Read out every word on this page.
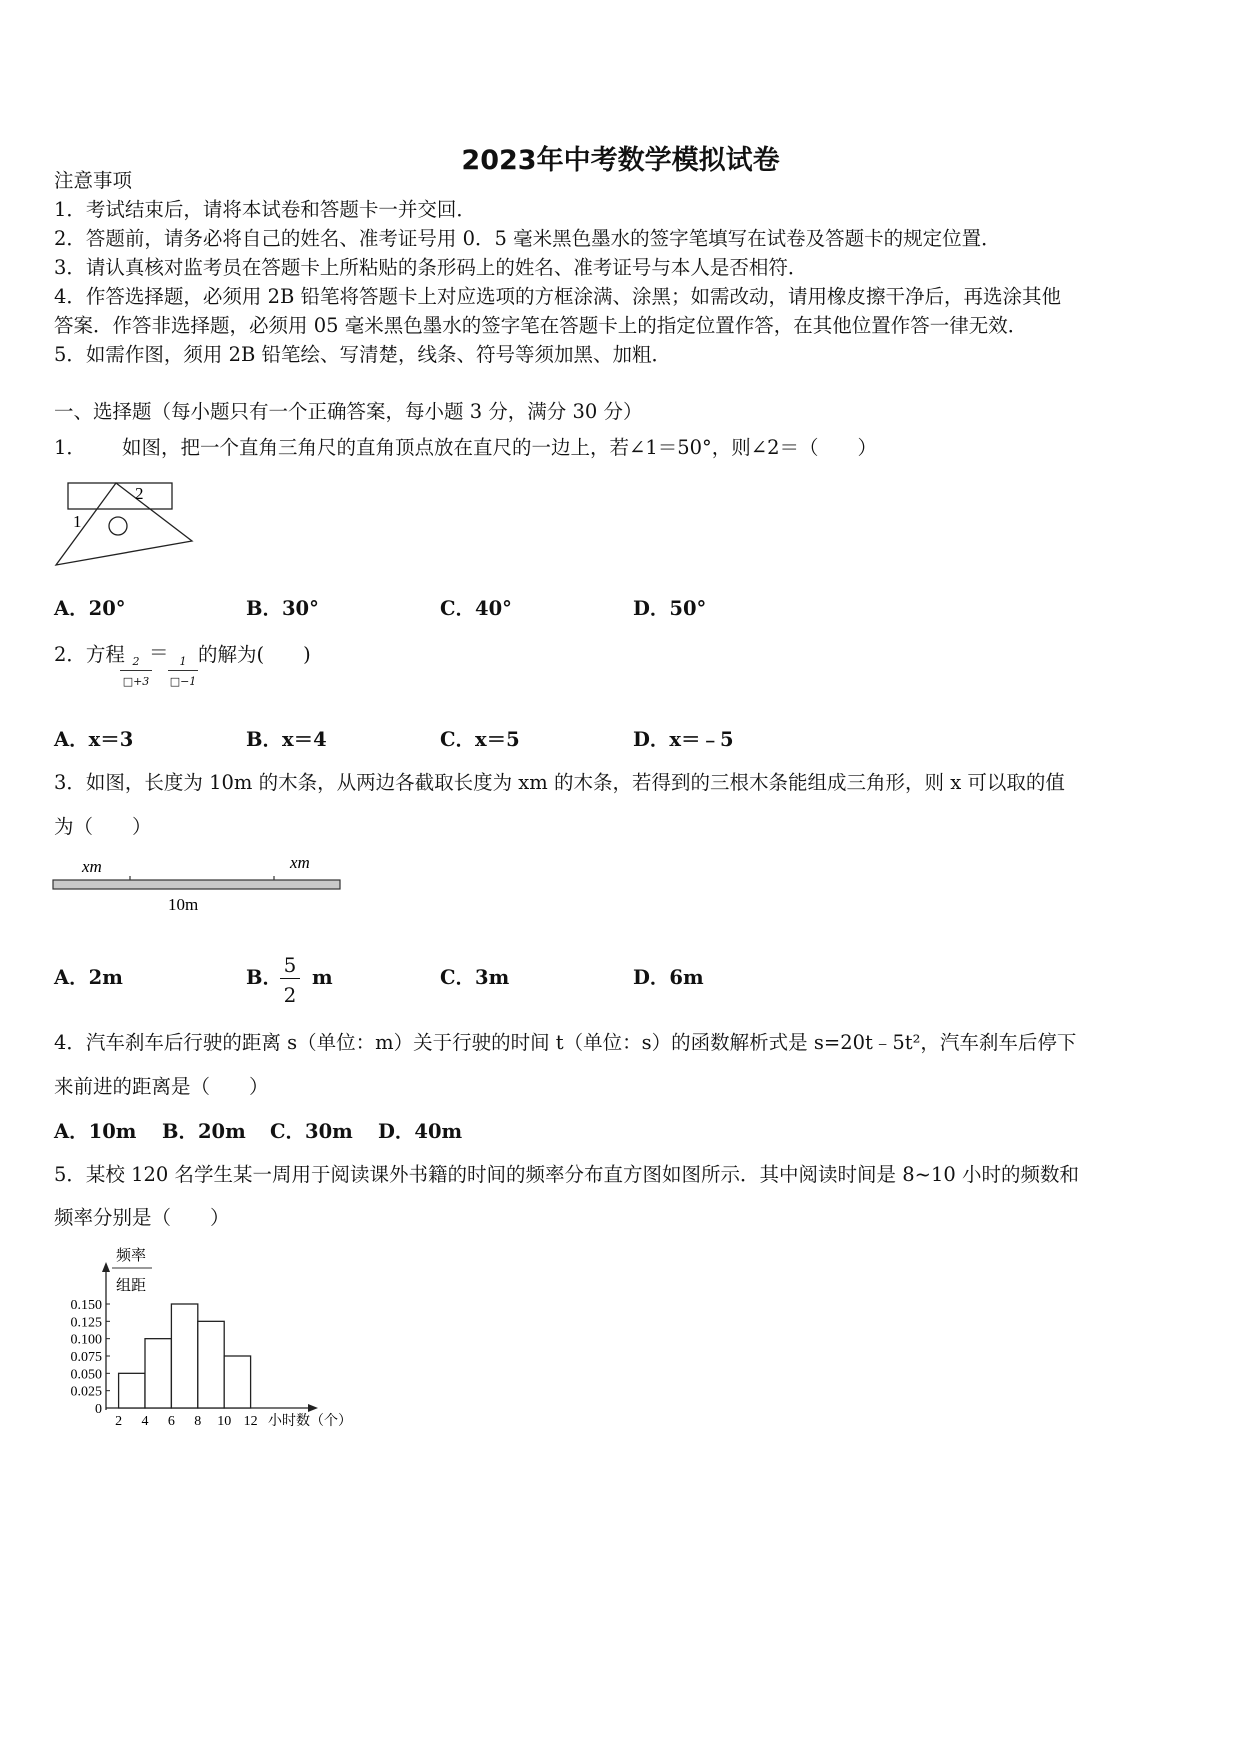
2023年中考数学模拟试卷
注意事项
1．考试结束后，请将本试卷和答题卡一并交回．
2．答题前，请务必将自己的姓名、准考证号用 0．5 毫米黑色墨水的签字笔填写在试卷及答题卡的规定位置．
3．请认真核对监考员在答题卡上所粘贴的条形码上的姓名、准考证号与本人是否相符．
4．作答选择题，必须用 2B 铅笔将答题卡上对应选项的方框涂满、涂黑；如需改动，请用橡皮擦干净后，再选涂其他
答案．作答非选择题，必须用 05 毫米黑色墨水的签字笔在答题卡上的指定位置作答，在其他位置作答一律无效．
5．如需作图，须用 2B 铅笔绘、写清楚，线条、符号等须加黑、加粗．
一、选择题（每小题只有一个正确答案，每小题 3 分，满分 30 分）
1． 如图，把一个直角三角尺的直角顶点放在直尺的一边上，若∠1＝50°，则∠2＝（　　）
1
2
A．20°	B．30°	C．40°	D．50°
2．方程 2
□+3
＝ 1
□−1
的解为(　　)
A．x＝3	B．x＝4	C．x＝5	D．x＝﹣5
3．如图，长度为 10m 的木条，从两边各截取长度为 xm 的木条，若得到的三根木条能组成三角形，则 x 可以取的值
为（　　）
xm	xm
10m
A．2m	B．
5
2
m	C．3m	D．6m
4．汽车刹车后行驶的距离 s（单位：m）关于行驶的时间 t（单位：s）的函数解析式是 s=20t﹣5t²，汽车刹车后停下
来前进的距离是（　　）
A．10m B．20m C．30m D．40m
5．某校 120 名学生某一周用于阅读课外书籍的时间的频率分布直方图如图所示．其中阅读时间是 8~10 小时的频数和
频率分别是（　　）
频率
组距
小时数（个）
0.150
0.125
0.100
0.075
0.050
0.025
0
2 4 6 8 10 12
